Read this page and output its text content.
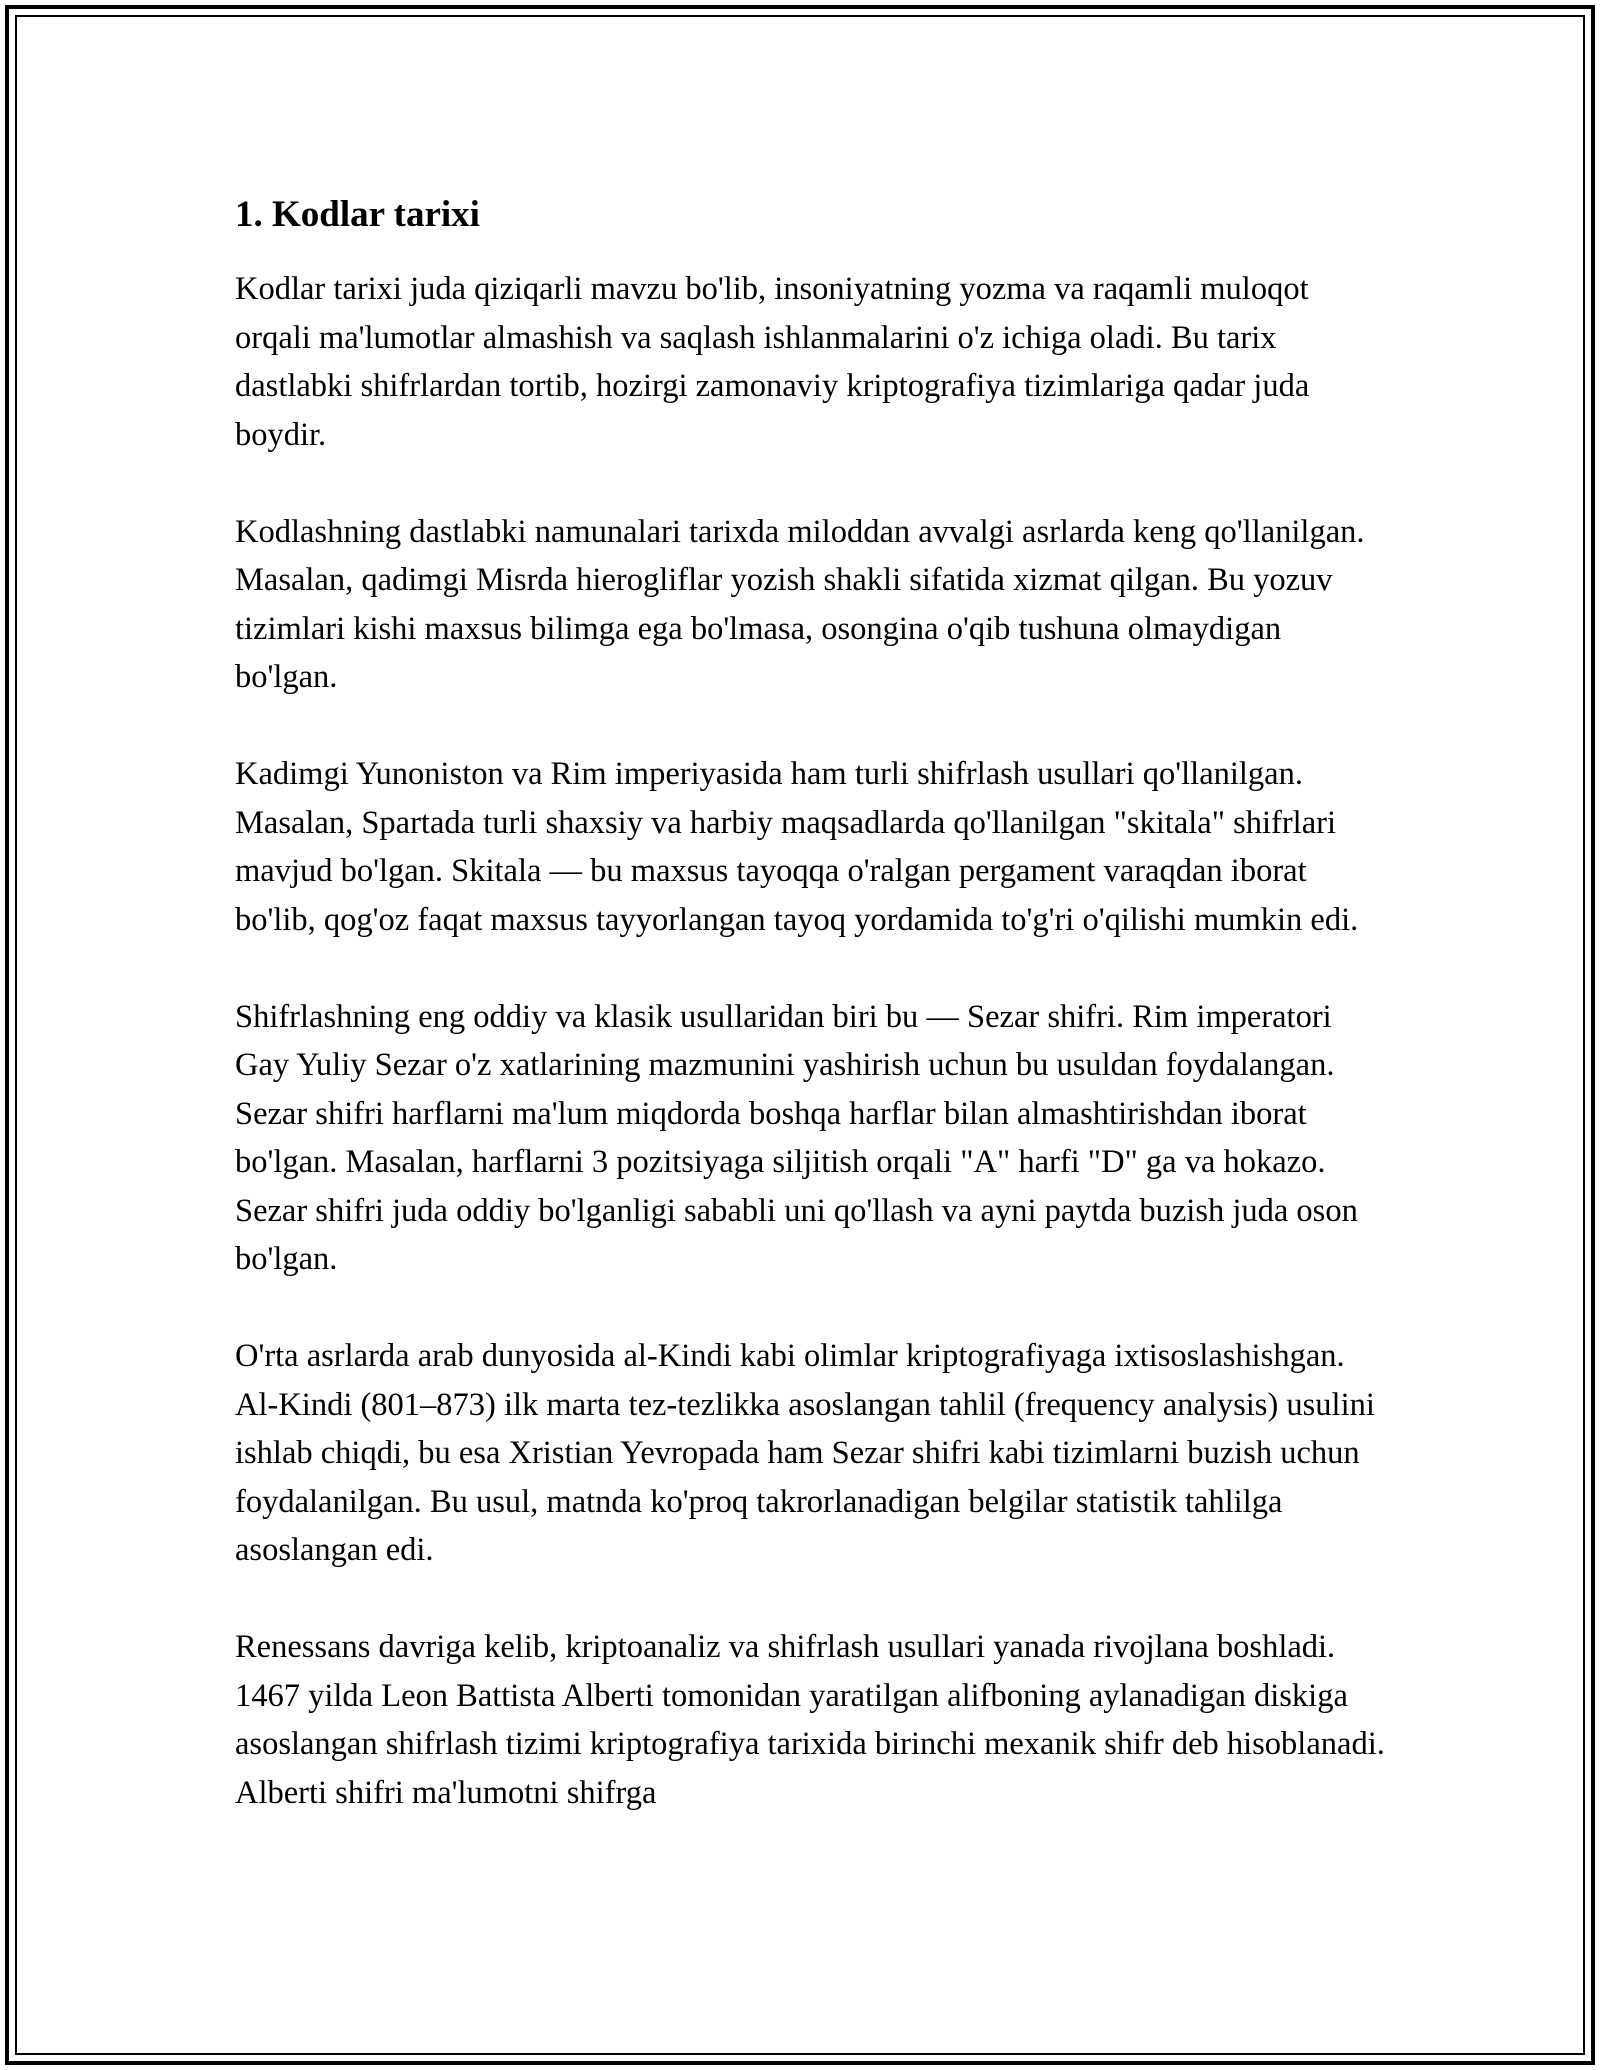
1. Kodlar tarixi

Kodlar tarixi juda qiziqarli mavzu bo'lib, insoniyatning yozma va raqamli muloqot orqali ma'lumotlar almashish va saqlash ishlanmalarini o'z ichiga oladi. Bu tarix dastlabki shifrlardan tortib, hozirgi zamonaviy kriptografiya tizimlariga qadar juda boydir.

Kodlashning dastlabki namunalari tarixda miloddan avvalgi asrlarda keng qo'llanilgan. Masalan, qadimgi Misrda hierogliflar yozish shakli sifatida xizmat qilgan. Bu yozuv tizimlari kishi maxsus bilimga ega bo'lmasa, osongina o'qib tushuna olmaydigan bo'lgan.

Kadimgi Yunoniston va Rim imperiyasida ham turli shifrlash usullari qo'llanilgan. Masalan, Spartada turli shaxsiy va harbiy maqsadlarda qo'llanilgan "skitala" shifrlari mavjud bo'lgan. Skitala — bu maxsus tayoqqa o'ralgan pergament varaqdan iborat bo'lib, qog'oz faqat maxsus tayyorlangan tayoq yordamida to'g'ri o'qilishi mumkin edi.

Shifrlashning eng oddiy va klasik usullaridan biri bu — Sezar shifri. Rim imperatori Gay Yuliy Sezar o'z xatlarining mazmunini yashirish uchun bu usuldan foydalangan. Sezar shifri harflarni ma'lum miqdorda boshqa harflar bilan almashtirishdan iborat bo'lgan. Masalan, harflarni 3 pozitsiyaga siljitish orqali "A" harfi "D" ga va hokazo. Sezar shifri juda oddiy bo'lganligi sababli uni qo'llash va ayni paytda buzish juda oson bo'lgan.

O'rta asrlarda arab dunyosida al-Kindi kabi olimlar kriptografiyaga ixtisoslashishgan. Al-Kindi (801–873) ilk marta tez-tezlikka asoslangan tahlil (frequency analysis) usulini ishlab chiqdi, bu esa Xristian Yevropada ham Sezar shifri kabi tizimlarni buzish uchun foydalanilgan. Bu usul, matnda ko'proq takrorlanadigan belgilar statistik tahlilga asoslangan edi.

Renessans davriga kelib, kriptoanaliz va shifrlash usullari yanada rivojlana boshladi. 1467 yilda Leon Battista Alberti tomonidan yaratilgan alifboning aylanadigan diskiga asoslangan shifrlash tizimi kriptografiya tarixida birinchi mexanik shifr deb hisoblanadi. Alberti shifri ma'lumotni shifrga
